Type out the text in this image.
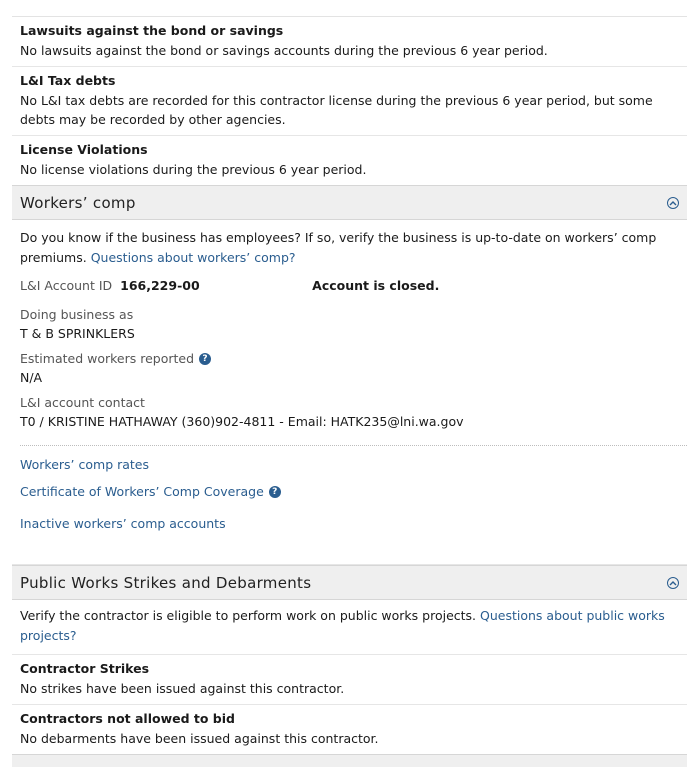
Lawsuits against the bond or savings
No lawsuits against the bond or savings accounts during the previous 6 year period.
L&I Tax debts
No L&I tax debts are recorded for this contractor license during the previous 6 year period, but some debts may be recorded by other agencies.
License Violations
No license violations during the previous 6 year period.
Workers’ comp
Do you know if the business has employees? If so, verify the business is up-to-date on workers’ comp premiums. Questions about workers’ comp?
L&I Account ID 166,229-00	Account is closed.
Doing business as
T & B SPRINKLERS
Estimated workers reported ?
N/A
L&I account contact
T0 / KRISTINE HATHAWAY (360)902-4811 - Email: HATK235@lni.wa.gov
Workers’ comp rates
Certificate of Workers’ Comp Coverage ?
Inactive workers’ comp accounts
Public Works Strikes and Debarments
Verify the contractor is eligible to perform work on public works projects. Questions about public works projects?
Contractor Strikes
No strikes have been issued against this contractor.
Contractors not allowed to bid
No debarments have been issued against this contractor.
